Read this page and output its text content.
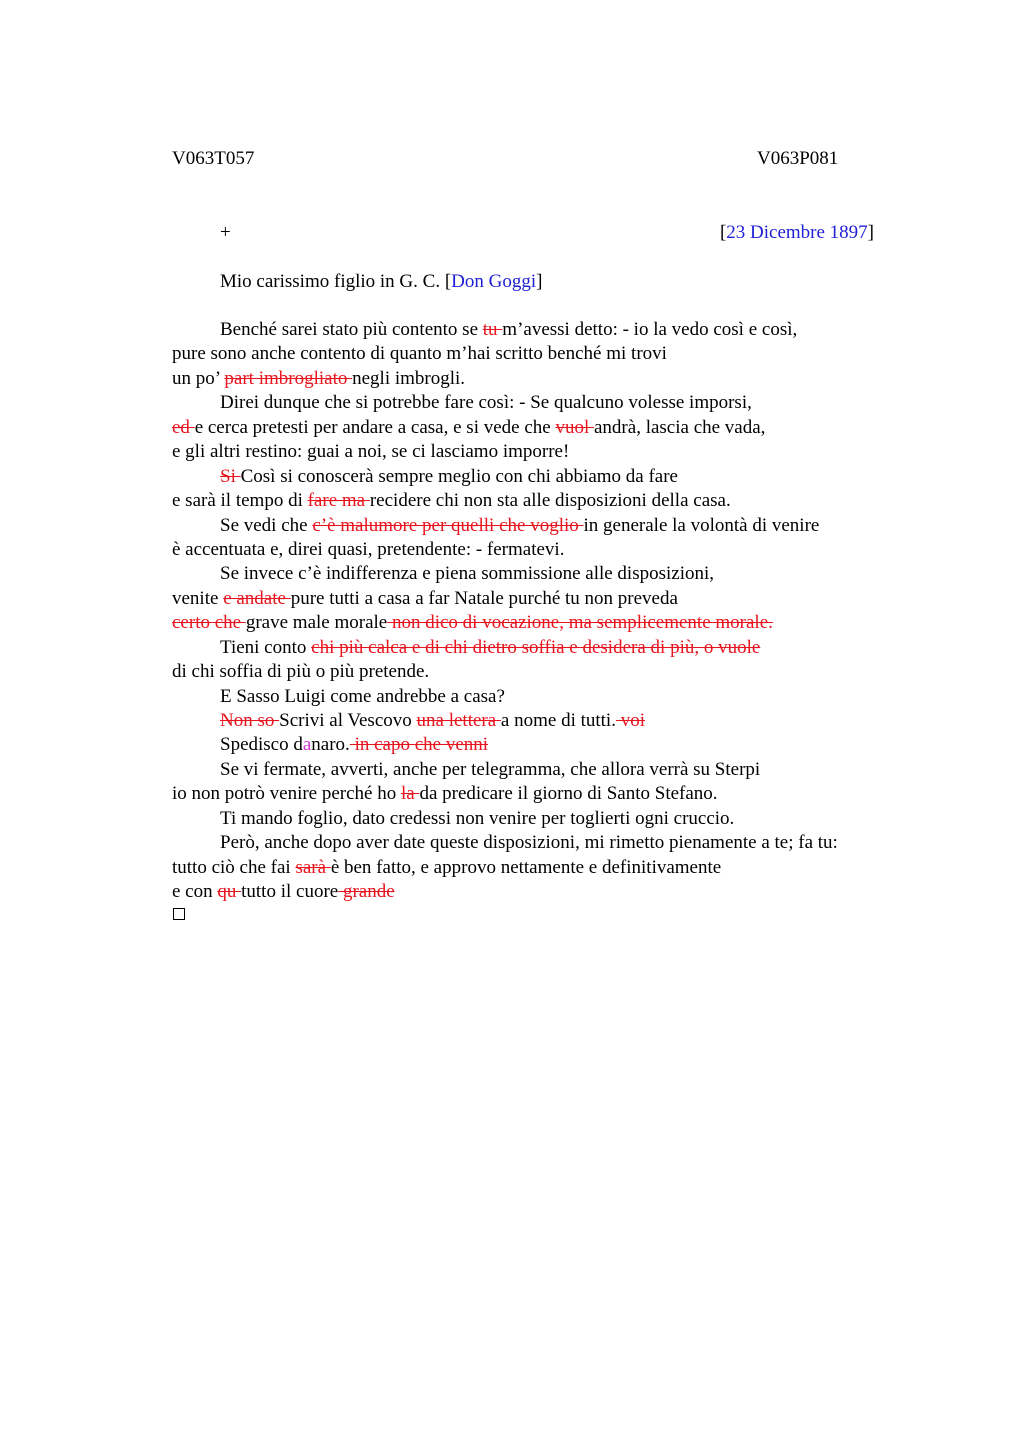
V063T057	V063P081
+	[23 Dicembre 1897]
Mio carissimo figlio in G. C. [Don Goggi]
Benché sarei stato più contento se tu m’avessi detto: - io la vedo così e così,
pure sono anche contento di quanto m’hai scritto benché mi trovi
un po’ part imbrogliato negli imbrogli.
Direi dunque che si potrebbe fare così: - Se qualcuno volesse imporsi,
ed e cerca pretesti per andare a casa, e si vede che vuol andrà, lascia che vada,
e gli altri restino: guai a noi, se ci lasciamo imporre!
Si Così si conoscerà sempre meglio con chi abbiamo da fare
e sarà il tempo di fare ma recidere chi non sta alle disposizioni della casa.
Se vedi che c’è malumore per quelli che voglio in generale la volontà di venire
è accentuata e, direi quasi, pretendente: - fermatevi.
Se invece c’è indifferenza e piena sommissione alle disposizioni,
venite e andate pure tutti a casa a far Natale purché tu non preveda
certo che grave male morale non dico di vocazione, ma semplicemente morale.
Tieni conto chi più calca e di chi dietro soffia e desidera di più, o vuole
di chi soffia di più o più pretende.
E Sasso Luigi come andrebbe a casa?
Non so Scrivi al Vescovo una lettera a nome di tutti. voi
Spedisco danaro. in capo che venni
Se vi fermate, avverti, anche per telegramma, che allora verrà su Sterpi
io non potrò venire perché ho la da predicare il giorno di Santo Stefano.
Ti mando foglio, dato credessi non venire per toglierti ogni cruccio.
Però, anche dopo aver date queste disposizioni, mi rimetto pienamente a te; fa tu:
tutto ciò che fai sarà è ben fatto, e approvo nettamente e definitivamente
e con qu tutto il cuore grande
